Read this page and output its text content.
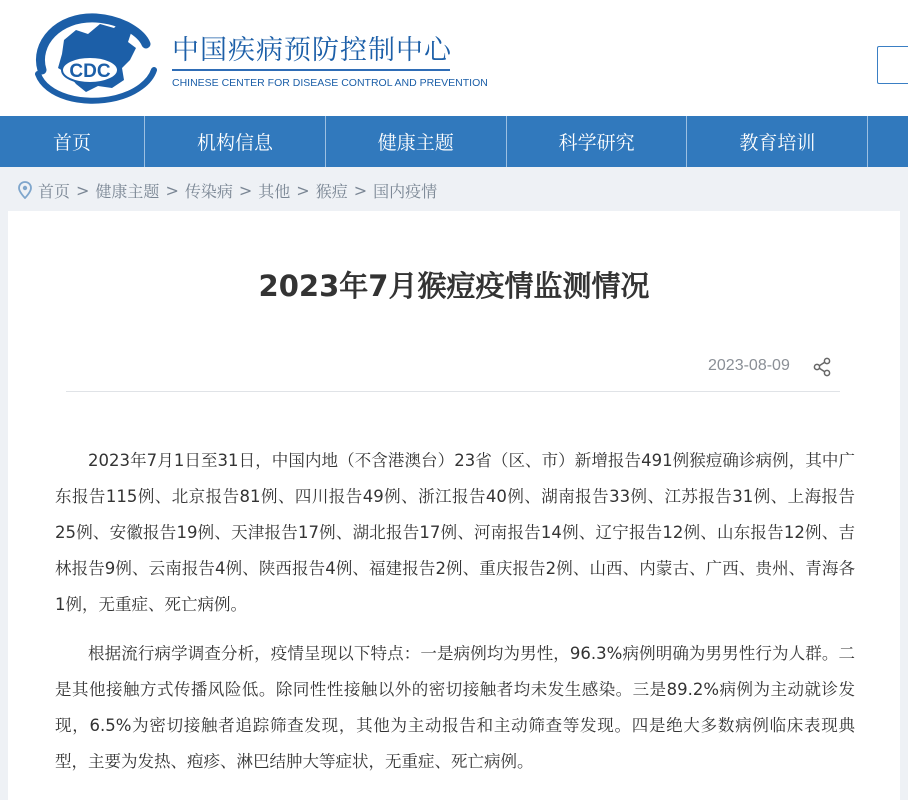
CDC
中国疾病预防控制中心
CHINESE CENTER FOR DISEASE CONTROL AND PREVENTION
首页	机构信息	健康主题	科学研究	教育培训
首页 > 健康主题 > 传染病 > 其他 > 猴痘 > 国内疫情
2023年7月猴痘疫情监测情况
2023-08-09

2023年7月1日至31日，中国内地（不含港澳台）23省（区、市）新增报告491例猴痘确诊病例，其中广东报告115例、北京报告81例、四川报告49例、浙江报告40例、湖南报告33例、江苏报告31例、上海报告25例、安徽报告19例、天津报告17例、湖北报告17例、河南报告14例、辽宁报告12例、山东报告12例、吉林报告9例、云南报告4例、陕西报告4例、福建报告2例、重庆报告2例、山西、内蒙古、广西、贵州、青海各1例，无重症、死亡病例。

根据流行病学调查分析，疫情呈现以下特点：一是病例均为男性，96.3%病例明确为男男性行为人群。二是其他接触方式传播风险低。除同性性接触以外的密切接触者均未发生感染。三是89.2%病例为主动就诊发现，6.5%为密切接触者追踪筛查发现，其他为主动报告和主动筛查等发现。四是绝大多数病例临床表现典型，主要为发热、疱疹、淋巴结肿大等症状，无重症、死亡病例。
